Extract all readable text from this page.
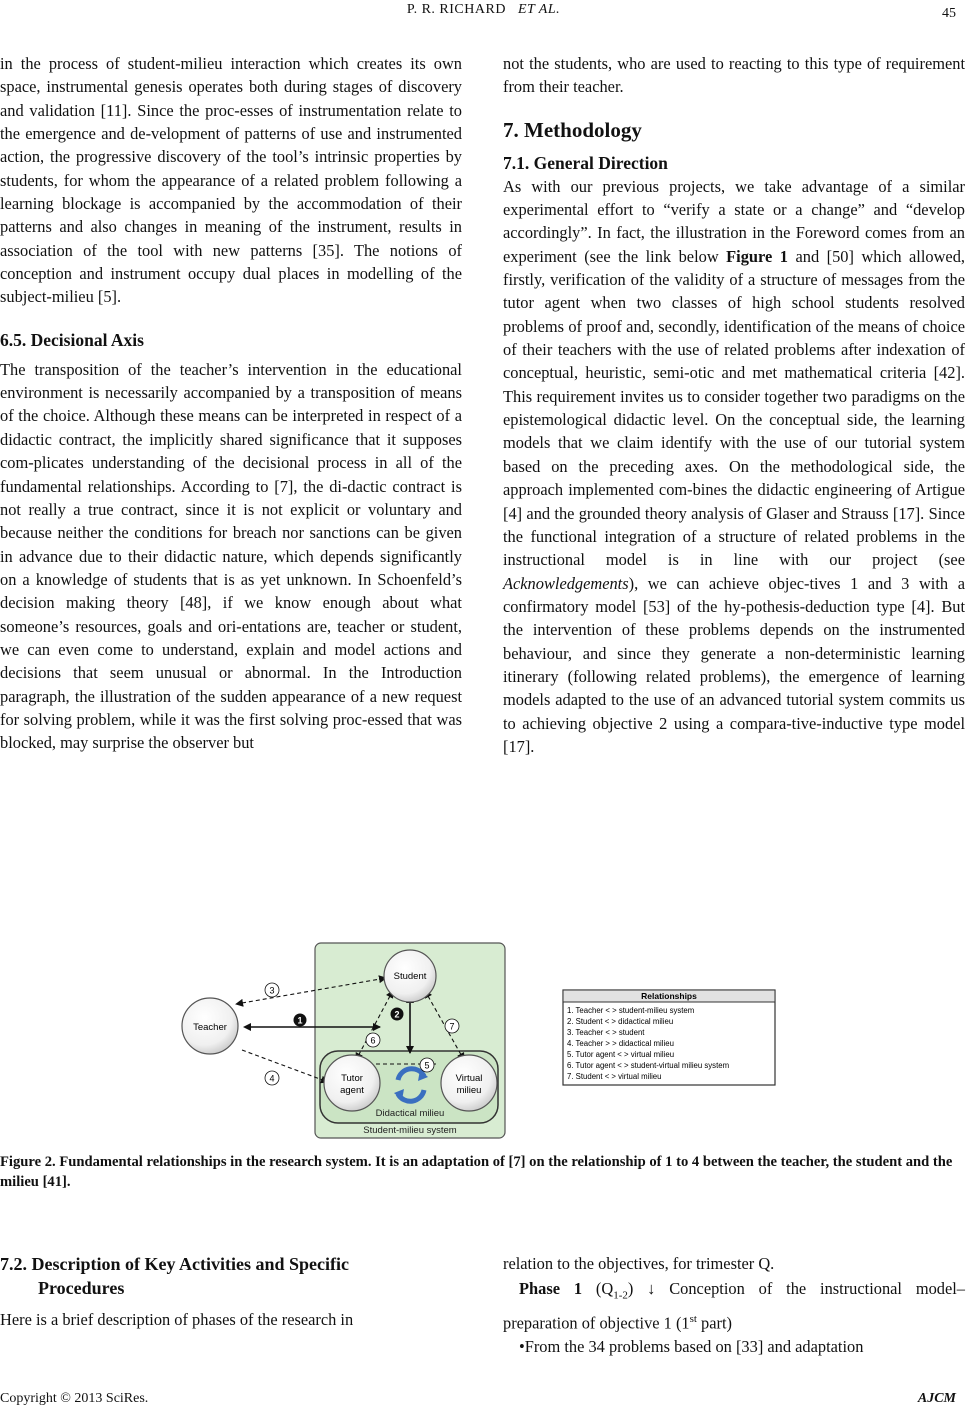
P. R. RICHARD ET AL.	45

in the process of student-milieu interaction which creates its own space, instrumental genesis operates both during stages of discovery and validation [11]. Since the proc-esses of instrumentation relate to the emergence and de-velopment of patterns of use and instrumented action, the progressive discovery of the tool’s intrinsic properties by students, for whom the appearance of a related problem following a learning blockage is accompanied by the accommodation of their patterns and also changes in meaning of the instrument, results in association of the tool with new patterns [35]. The notions of conception and instrument occupy dual places in modelling of the subject-milieu [5].

6.5. Decisional Axis

The transposition of the teacher’s intervention in the educational environment is necessarily accompanied by a transposition of means of the choice. Although these means can be interpreted in respect of a didactic contract, the implicitly shared significance that it supposes com-plicates understanding of the decisional process in all of the fundamental relationships. According to [7], the di-dactic contract is not really a true contract, since it is not explicit or voluntary and because neither the conditions for breach nor sanctions can be given in advance due to their didactic nature, which depends significantly on a knowledge of students that is as yet unknown. In Schoenfeld’s decision making theory [48], if we know enough about what someone’s resources, goals and ori-entations are, teacher or student, we can even come to understand, explain and model actions and decisions that seem unusual or abnormal. In the Introduction paragraph, the illustration of the sudden appearance of a new request for solving problem, while it was the first solving proc-essed that was blocked, may surprise the observer but

not the students, who are used to reacting to this type of requirement from their teacher.

7. Methodology
7.1. General Direction

As with our previous projects, we take advantage of a similar experimental effort to “verify a state or a change” and “develop accordingly”. In fact, the illustration in the Foreword comes from an experiment (see the link below Figure 1 and [50] which allowed, firstly, verification of the validity of a structure of messages from the tutor agent when two classes of high school students resolved problems of proof and, secondly, identification of the means of choice of their teachers with the use of related problems after indexation of conceptual, heuristic, semi-otic and met mathematical criteria [42]. This requirement invites us to consider together two paradigms on the epistemological didactic level. On the conceptual side, the learning models that we claim identify with the use of our tutorial system based on the preceding axes. On the methodological side, the approach implemented com-bines the didactic engineering of Artigue [4] and the grounded theory analysis of Glaser and Strauss [17]. Since the functional integration of a structure of related problems in the instructional model is in line with our project (see Acknowledgements), we can achieve objec-tives 1 and 3 with a confirmatory model [53] of the hy-pothesis-deduction type [4]. But the intervention of these problems depends on the instrumented behaviour, and since they generate a non-deterministic learning itinerary (following related problems), the emergence of learning models adapted to the use of an advanced tutorial system commits us to achieving objective 2 using a compara-tive-inductive type model [17].

Didactical milieu
Student-milieu system
Teacher
Student
Tutor
agent
Virtual
milieu
1
2
3
4
5
6
7
Relationships
1. Teacher < > student-milieu system
2. Student < > didactical milieu
3. Teacher < > student
4. Teacher > > didactical milieu
5. Tutor agent < > virtual milieu
6. Tutor agent < > student-virtual milieu system
7. Student < > virtual milieu
Figure 2. Fundamental relationships in the research system. It is an adaptation of [7] on the relationship of 1 to 4 between the teacher, the student and the milieu [41].
7.2. Description of Key Activities and Specific
Procedures

Here is a brief description of phases of the research in

relation to the objectives, for trimester Q.

Phase 1 $(Q_{1-2})$ ↓ Conception of the instructional model– preparation of objective 1 (1st part)

•From the 34 problems based on [33] and adaptation

Copyright © 2013 SciRes.	AJCM
